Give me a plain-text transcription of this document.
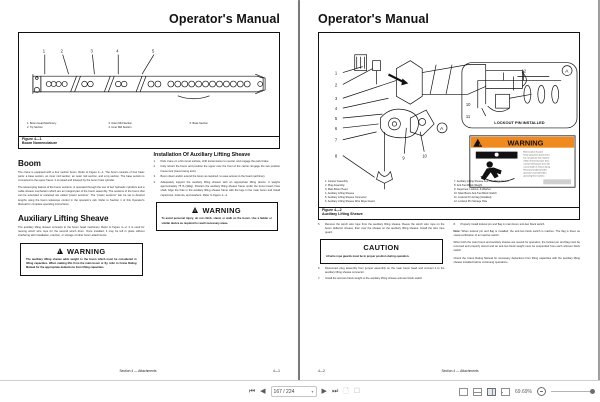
Operator's Manual
1	2	3	4	5
1. Boom Head Machinery
2. Tip Section
3. Outer Mid Section
4. Inner Mid Section
5. Base Section
Figure 4—1
Boom Nomenclature
Boom

The crane is equipped with a four section boom. Refer to Figure 4—1. The boom consists of four basic parts: a base section, an inner mid section, an outer mid section, and a tip section. The base section is connected to the upper frame. It is raised and lowered by the boom hoist cylinder.

The telescoping feature of the boom sections, is operated through the use of two hydraulic cylinders and a cable sheave mechanism which are an integral part of the boom assembly. The sections of the boom that can be extended or retracted are called "power sections". The "power sections" can be set to desired lengths using the boom telescope control in the operator's cab. Refer to Section 1 of this Operator's Manual for complete operating instructions.

Auxiliary Lifting Sheave

The auxiliary lifting sheave connects to the boom head machinery. Refer to Figure 4—2. It is used for reeving winch wire rope for the second winch drum. Once installed, it may be left in place without interfering with installation, erection, or storage of other boom attachments.

!
WARNING
The auxiliary lifting sheave adds weight to the boom which must be considered in lifting capacities. When making lifts from the main boom or fly, refer to Crane Rating Manual for the appropriate deductions from lifting capacities.
Installation Of Auxiliary Lifting Sheave
Park crane on a firm level surface, shift transmission to neutral, and engage the park brake.
Fully retract the boom and position the upper over the front of the carrier. Engage the two position house lock (travel swing lock).
Boom down and/or extend the boom as required, to ease access to the head machinery.
Adequately support the auxiliary lifting sheave with an appropriate lifting device. It weighs approximately 75 lb (34kg). Position the auxiliary lifting sheave frame under the boom head cross shaft. Align the hole in the auxiliary lifting sheave frame with the lugs in the main boom and install capscrews, locknuts, and washers. Refer to Figure 4—2.
!
WARNING
To avoid personal injury, do not climb, stand, or walk on the boom. Use a ladder or similar device as required to reach necessary areas.
Section 4 — Attachments	4—1
Operator's Manual
1
2
3
4
5
6
7
8	9	10
10
11
12
A
A
LOCKOUT PIN INSTALLED
!	WARNING
Electrocution hazard.
Keep away from power lines.
Do not operate this machine
within 10 feet of power lines.
Contact with power lines will
cause death or serious injury.
Read and understand the
operator's manual before
operating this machine.
1. Jumper Assembly
2. Plug Assembly
3. Main Boom Head
4. Auxiliary Lifting Sheave
5. Auxiliary Lifting Sheave Connector
6. Auxiliary Lifting Sheave Wire Rope Guard
7. Auxiliary Lifting Sheave Anti-Two Block Switch
8. Anti-Two Block Weight
9. Capscrew, Locknut, & Washer
10. Main Boom Anti-Two Block Switch
11. Lockout Pin & Flag (Installed)
12. Lockout Pin Storage Hole
Figure 4—2
Auxiliary Lifting Sheave
Remove the winch wire rope from the auxiliary lifting sheave. Reeve the winch wire rope on the boom deflector sheave, then over the sheave on the auxiliary lifting sheave. Install the wire rope guard.
CAUTION
All wire rope guards must be in proper position during operation.
Disconnect plug assembly from jumper assembly on the main boom head and connect it to the auxiliary lifting sheave connector.
Install the anti-two block weight to the auxiliary lifting sheave anti-two block switch.
Properly install lockout pin and flag in main boom anti-two block switch.

Note: When lockout pin and flag is installed, the anti-two block switch is inactive. The flag is there as visual verification of an inactive switch.

When both the main boom and auxiliary sheave are reeved for operation, the lockout pin and flag must be removed and properly stored and an anti-two block weight must be suspended from each anti-two block switch.

Check the Crane Rating Manual for necessary deductions from lifting capacities with the auxiliary lifting sheave installed before continuing operations.

Section 4 — Attachments
4—2
⏮ ◀ 167 / 224	▾ ▶ ⏭ 🗋 ☐	69.69%
